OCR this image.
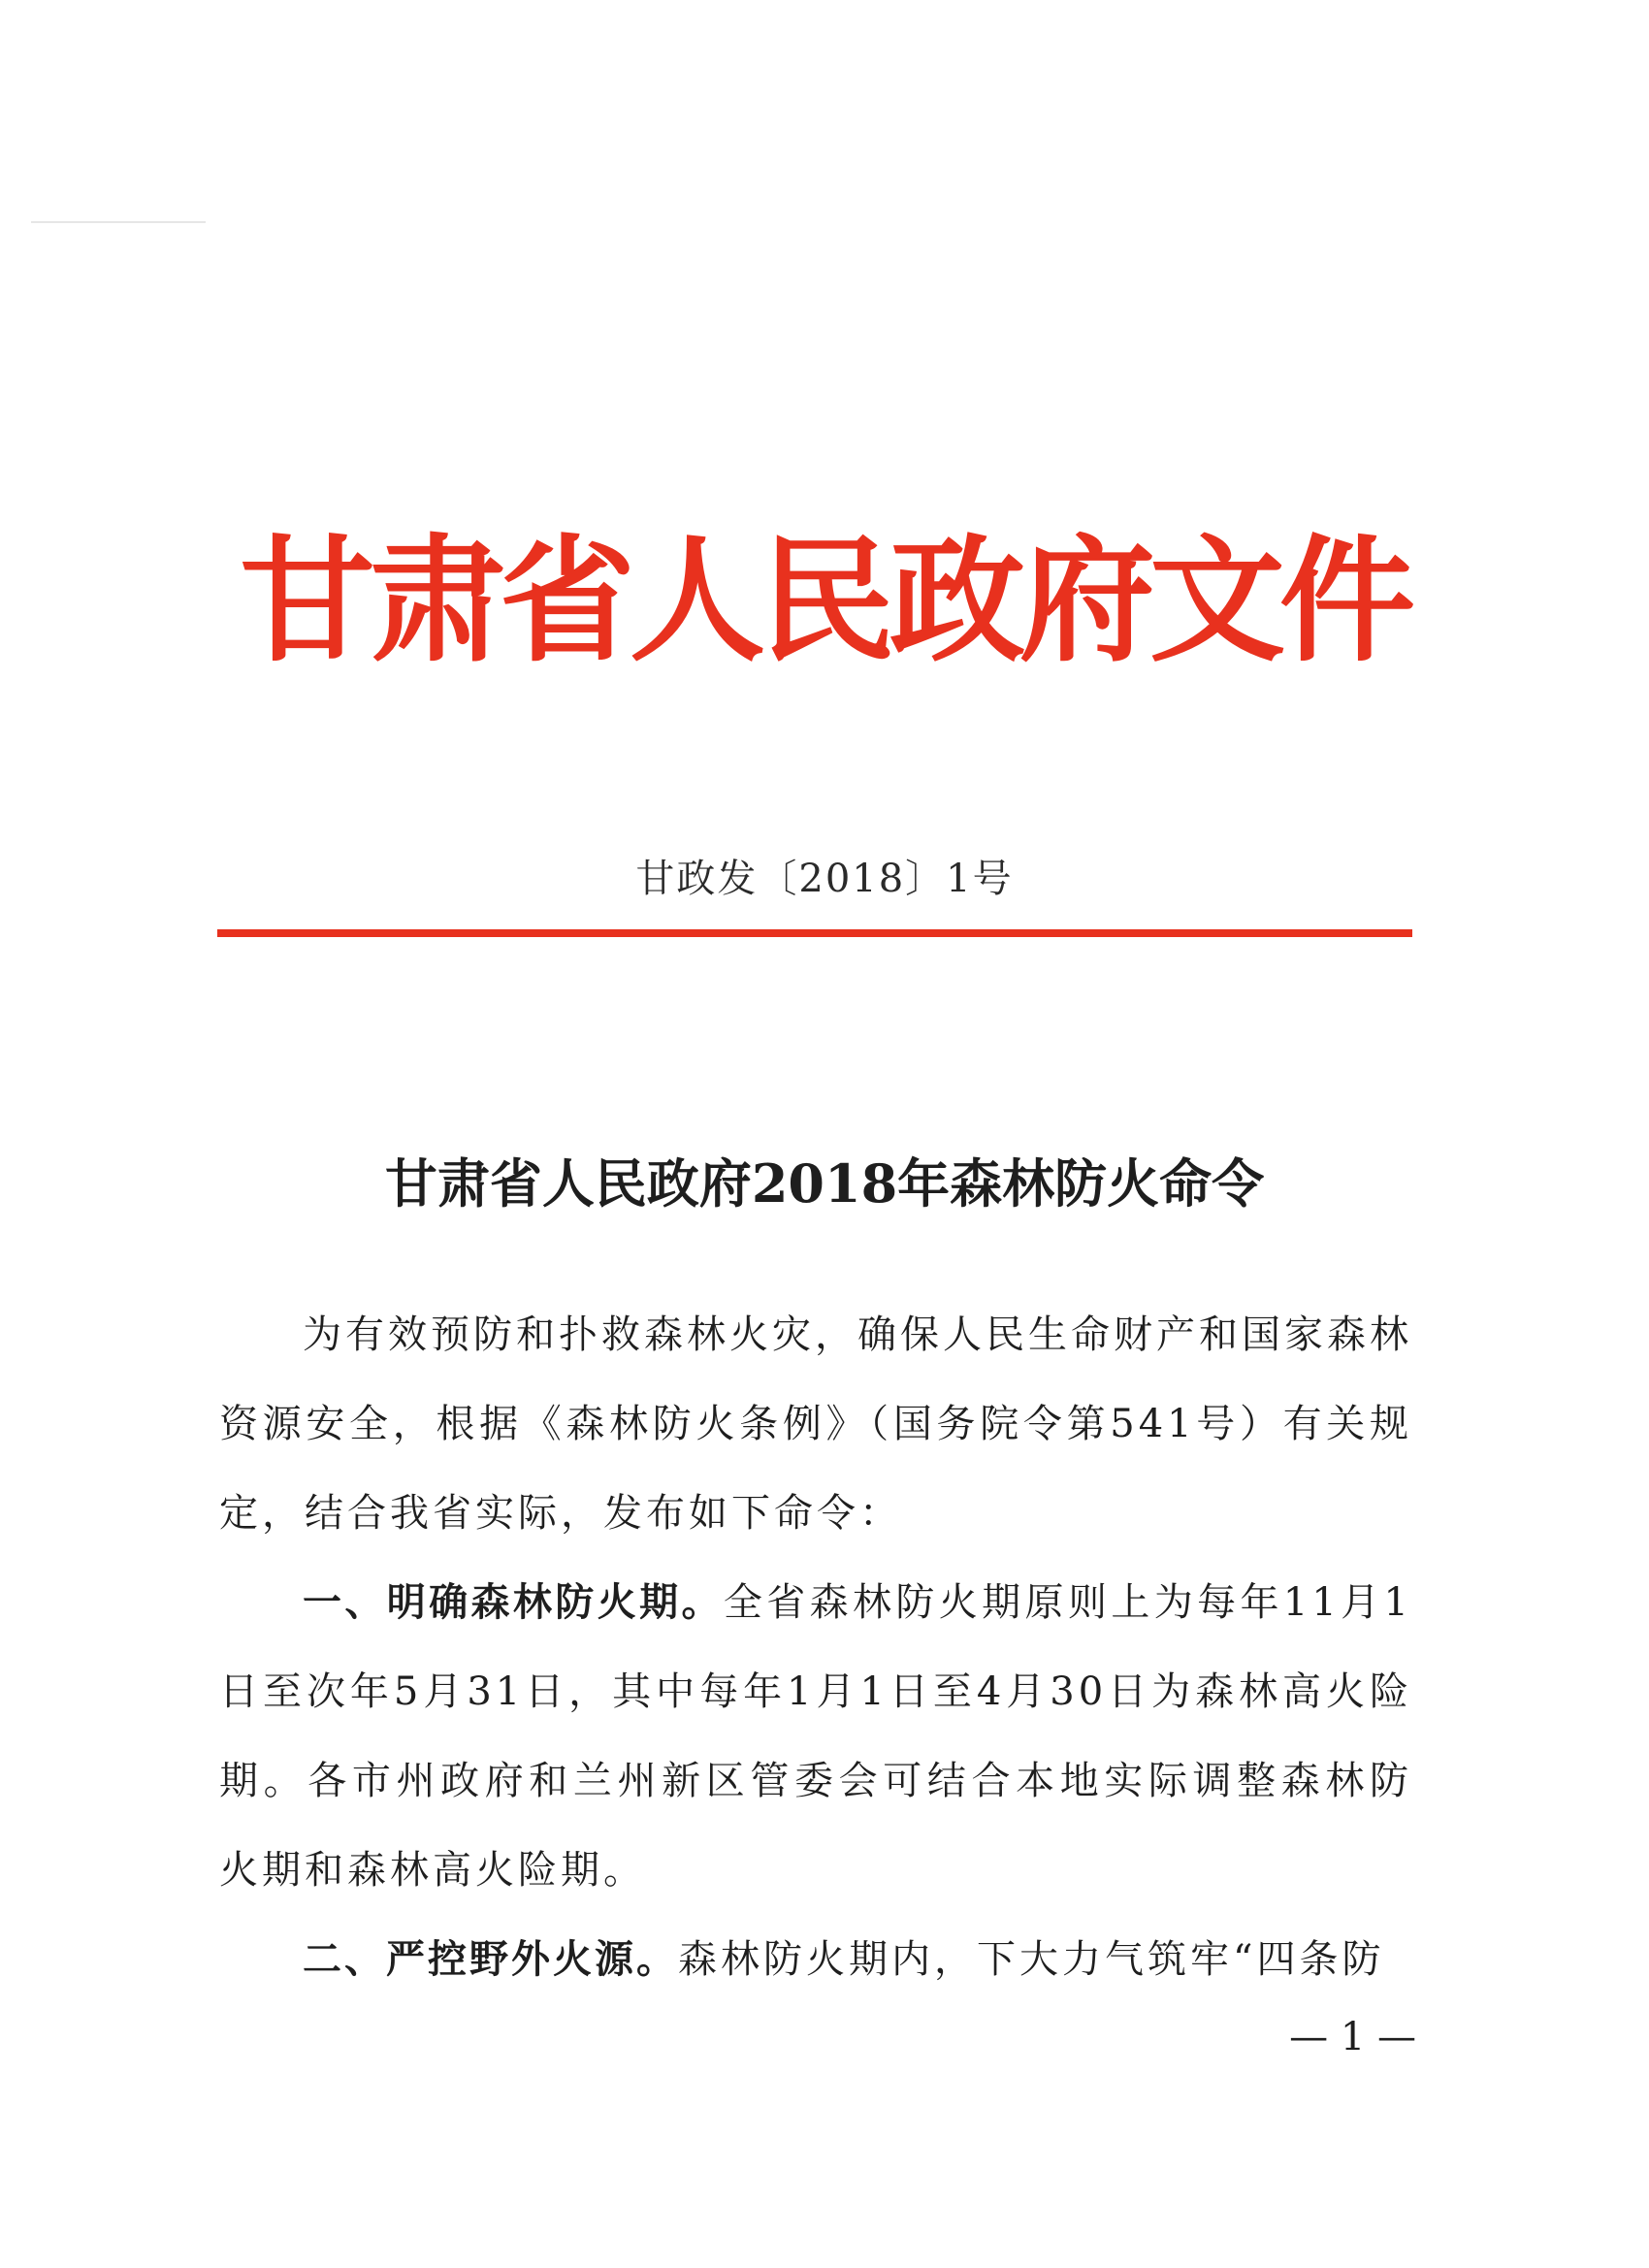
甘肃省人民政府文件
甘政发〔2018〕1号
甘肃省人民政府2018年森林防火命令

为有效预防和扑救森林火灾，确保人民生命财产和国家森林资源安全，根据《森林防火条例》（国务院令第541号）有关规定，结合我省实际，发布如下命令：

一、明确森林防火期。全省森林防火期原则上为每年11月1日至次年5月31日，其中每年1月1日至4月30日为森林高火险期。各市州政府和兰州新区管委会可结合本地实际调整森林防火期和森林高火险期。

二、严控野外火源。森林防火期内，下大力气筑牢“四条防

— 1 —
